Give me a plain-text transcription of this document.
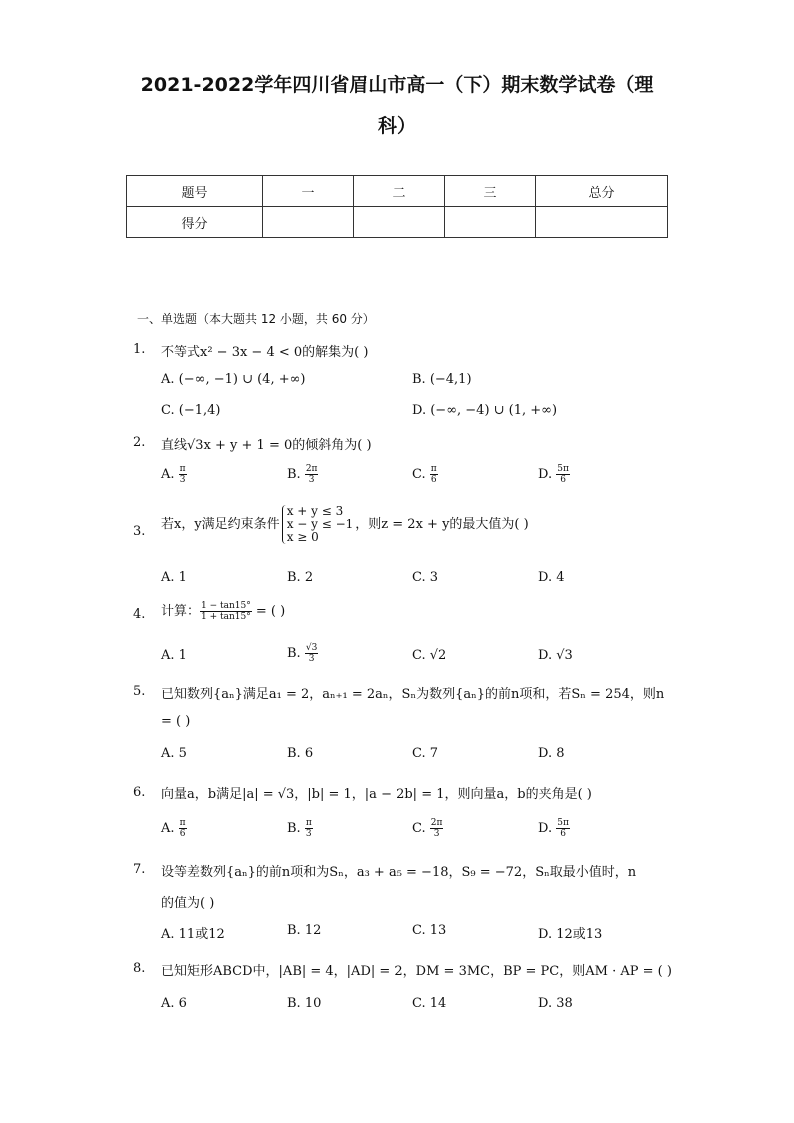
2021-2022学年四川省眉山市高一（下）期末数学试卷（理
科）
题号	一	二	三	总分
得分				
一、单选题（本大题共 12 小题，共 60 分）
1. 不等式x² − 3x − 4 < 0的解集为( )
A. (−∞, −1) ∪ (4, +∞)	B. (−4,1)
C. (−1,4)	D. (−∞, −4) ∪ (1, +∞)
2. 直线√3x + y + 1 = 0的倾斜角为( )
A. $\frac{\pi}{3}$	B. $\frac{2\pi}{3}$	C. $\frac{\pi}{6}$	D. $\frac{5\pi}{6}$
3. 若x，y满足约束条件x + y ≤ 3
x − y ≤ −1
x ≥ 0，则z = 2x + y的最大值为( )
A. 1	B. 2	C. 3	D. 4
4. 计算： $\frac{1 - \tan 15^\circ}{1 + \tan 15^\circ}$ = ( )
A. 1	B. $\frac{√3}{3}$	C. √2	D. √3
5. 已知数列{aₙ}满足a₁ = 2，aₙ₊₁ = 2aₙ，Sₙ为数列{aₙ}的前n项和，若Sₙ = 254，则n
= ( )
A. 5	B. 6	C. 7	D. 8
6. 向量a，b满足|a| = √3，|b| = 1，|a − 2b| = 1，则向量a，b的夹角是( )
A. $\frac{\pi}{6}$	B. $\frac{\pi}{3}$	C. $\frac{2\pi}{3}$	D. $\frac{5\pi}{6}$
7. 设等差数列{aₙ}的前n项和为Sₙ，a₃ + a₅ = −18，S₉ = −72，Sₙ取最小值时，n
的值为( )
A. 11或12	B. 12	C. 13	D. 12或13
8. 已知矩形ABCD中，|AB| = 4，|AD| = 2，DM = 3MC，BP = PC，则AM · AP = ( )
A. 6	B. 10	C. 14	D. 38
